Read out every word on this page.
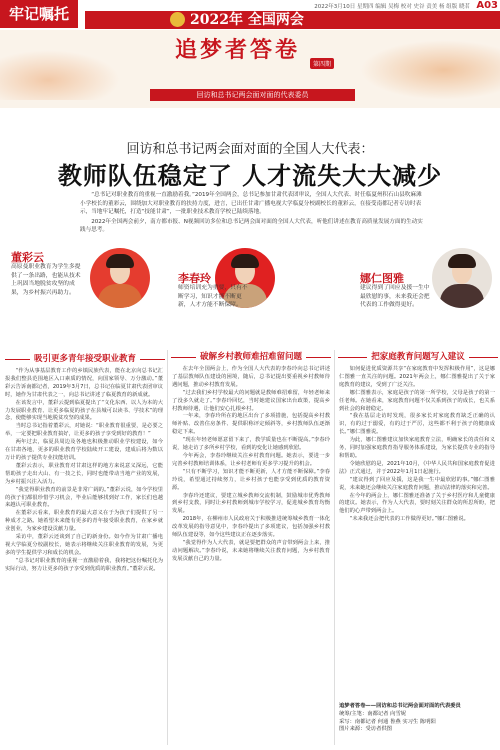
牢记嘱托	2022年 全国两会
2022年3月10日 星期四 编辑 吴梅 校对 史谷 责美 杨 组版 晓茗 A03
追梦者答卷
第四期
回访和总书记两会面对面的代表委员
回访和总书记两会面对面的全国人大代表：
教师队伍稳定了 人才流失大大减少

“总书记对职业教育的重视一直激励着我。”2019年全国两会，总书记参加甘肃代表团审议，全国人大代表、时任临夏州积石山县吹麻滩小学校长的董彩云，围绕加大对职业教育的扶持力度，进言，已出任甘肃广播电视大学临夏分校副校长的董彩云，在接受南都记者专访时表示，当地牢记嘱托，打造“技能甘肃”，一批职业技术教育学校已陆续落地。

2022年全国两会前夕，南方都市报、N视频回访多位和总书记两会面对面的全国人大代表，听他们讲述在教育高质量发展方面的生动实践与思考。

董彩云
高原曼职业教育为学生多提供了一条出路，也能从技术上巩固当地脱贫攻坚的成果，为乡村振兴再助力。
李春玲
师资培训充为重要，只有不断学习，知识才能不断更新，人才方能不断保障。
娜仁图雅
建议得到了回应及援一生中最欣慰的事，未来我还会把代表的工作做得更好。
吸引更多青年接受职业教育	破解乡村教师难招难留问题	把家庭教育问题写入建议

“作为从事基层教育工作的乡镇民族代表，能在北京向总书记汇报我们整县范围地区入口素质的情况，向国家领导、万分激动。”董彩云告诉南都记者，2019年3月7日，总书记在临夏甘肃代表团审议时，她作为甘肃代表之一，向总书记讲述了临夏教育的新成就。

在该发言中，董彩云提到临夏提出了“文化东西、以人为本的大力发展职业教育、让更多临夏的孩子在县城可以读书、学技术”的理念，使能够实现当地脱贫攻坚的成果。

当时总书记指着董彩云，对她说：“职业教育很重要，是必要之举，一定要把职业教育搞好，让更多的孩子享受到好的教育！”

两年过去，临夏县周边及各地也积极推动职业学校建设，如今在甘肃各地，更多的职业教育学校陆续开工建设，建成后将为数以万计的孩子提供专业技能培训。

董彩云表示，职业教育对甘肃这样的地方来说意义深远，它能帮助孩子走出大山、有一技之长，同时也能带动当地产业的发展，为乡村振兴注入活力。

“我觉得职业教育的前景是非常广阔的。”董彩云说，如今学校里的孩子们都很珍惜学习机会，毕业后能够找到好工作，家长们也越来越认可职业教育。

在董彩云看来，职业教育的最大意义在于为孩子们提供了另一种成才之路。她希望未来能有更多的青年接受职业教育，在家乡就业创业，为家乡建设贡献力量。

采访中，董彩云还谈到了自己的新身份。如今作为甘肃广播电视大学临夏分校副校长，她表示将继续关注职业教育的发展，为更多的学生提供学习和成长的机会。

“总书记对职业教育的重视一直激励着我，我将把这份嘱托化为实际行动，努力让更多的孩子享受到优质的职业教育。”董彩云说。

在去年全国两会上，作为全国人大代表的李春玲向总书记讲述了基层教师队伍建设的困境，随后，总书记提出要重视乡村教师待遇问题，推动乡村教育发展。

“过去我们乡村学校最大的问题就是教师难招难留，年轻老师来了没多久就走了。”李春玲回忆，当时她建议国家出台政策，提高乡村教师待遇，让他们安心扎根乡村。

一年来，李春玲所在的地区出台了多项措施，包括提高乡村教师补贴、改善住房条件、提供职称评定倾斜等，乡村教师队伍逐渐稳定下来。

“现在年轻老师愿意留下来了，教学质量也在不断提高。”李春玲说，她走访了多所乡村学校，看到的变化让她感到欣慰。

今年两会，李春玲继续关注乡村教育问题。她表示，要进一步完善乡村教师培训体系，让乡村老师有更多学习提升的机会。

“只有不断学习，知识才能不断更新，人才方能不断保障。”李春玲说，希望通过持续努力，让乡村孩子也能享受到优质的教育资源。

李春玲还建议，要建立城乡教师交流机制，鼓励城市优秀教师到乡村支教，同时让乡村教师到城市学校学习，促进城乡教育均衡发展。

2018年，在柳州市人民政府关于积极推进统筹城乡教育一体化改革发展的指导意见中，李春玲提出了多项建议，包括加强乡村教师队伍建设等，如今这些建议正在逐步落实。

“我觉得作为人大代表，就是要把群众的声音带到两会上来，推动问题解决。”李春玲说，未来她将继续关注教育问题，为乡村教育发展贡献自己的力量。

如何促进优质资源共享“在家庭教育中发挥积极作用”，这是娜仁图雅一直关注的问题。2021年两会上，娜仁图雅提出了关于家庭教育的建议，受到了广泛关注。

娜仁图雅表示，家庭是孩子的第一所学校，父母是孩子的第一任老师。在她看来，家庭教育问题不仅关系到孩子的成长，也关系到社会的和谐稳定。

“我在基层走访时发现，很多家长对家庭教育缺乏正确的认识，有的过于溺爱，有的过于严厉，这些都不利于孩子的健康成长。”娜仁图雅说。

为此，娜仁图雅建议加快家庭教育立法，明确家长的责任和义务，同时加强家庭教育指导服务体系建设，为家长提供专业的指导和帮助。

令她欣慰的是，2021年10月，《中华人民共和国家庭教育促进法》正式通过，并于2022年1月1日起施行。

“建议得到了回应及援，这是我一生中最欣慰的事。”娜仁图雅说，未来她还会继续关注家庭教育问题，推动法律的落实和完善。

在今年的两会上，娜仁图雅还准备了关于乡村医疗和儿童健康的建议。她表示，作为人大代表，要时刻关注群众的所思所盼，把他们的心声带到两会上。

“未来我还会把代表的工作做得更好。”娜仁图雅说。

追梦者答卷——回访和总书记两会面对面的代表委员
统筹/主笔：南都记者 向雪妮
采写：南都记者 何通 鲁燕 实习生 陈明阳
图片来源：受访者供图
